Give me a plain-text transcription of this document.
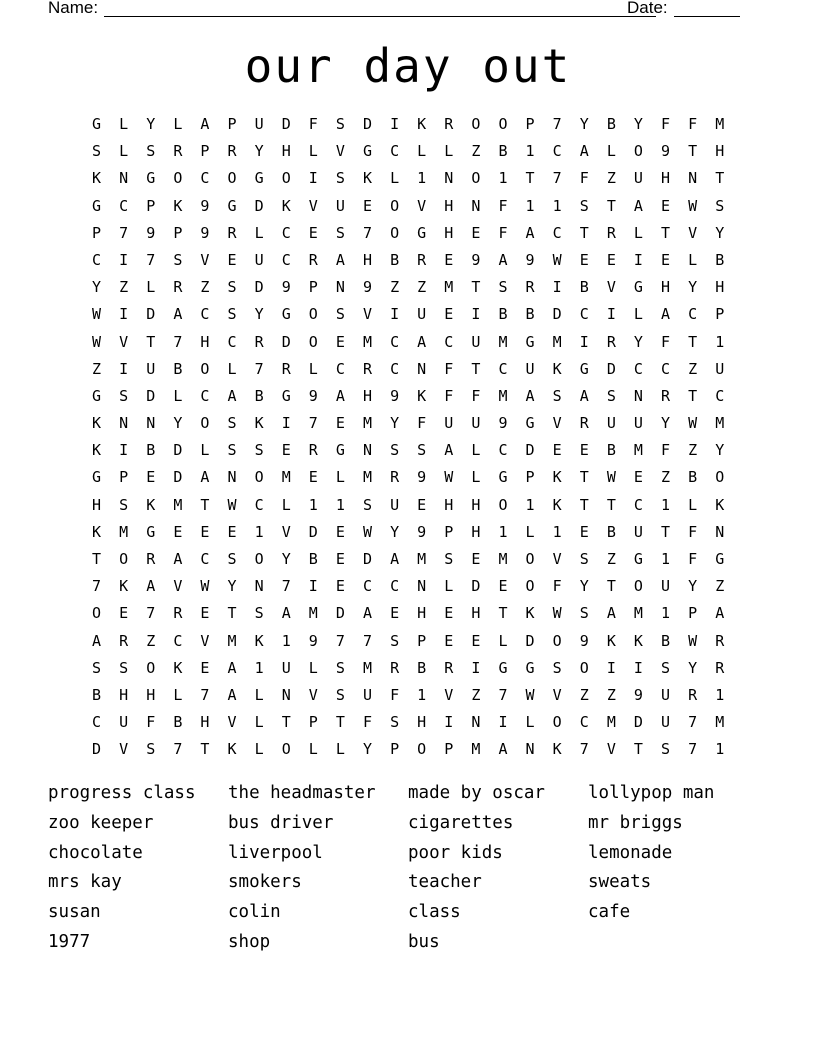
Name:	Date:
our day out
G	L	Y	L	A	P	U	D	F	S	D	I	K	R	O	O	P	7	Y	B	Y	F	F	M
S	L	S	R	P	R	Y	H	L	V	G	C	L	L	Z	B	1	C	A	L	O	9	T	H
K	N	G	O	C	O	G	O	I	S	K	L	1	N	O	1	T	7	F	Z	U	H	N	T
G	C	P	K	9	G	D	K	V	U	E	O	V	H	N	F	1	1	S	T	A	E	W	S
P	7	9	P	9	R	L	C	E	S	7	O	G	H	E	F	A	C	T	R	L	T	V	Y
C	I	7	S	V	E	U	C	R	A	H	B	R	E	9	A	9	W	E	E	I	E	L	B
Y	Z	L	R	Z	S	D	9	P	N	9	Z	Z	M	T	S	R	I	B	V	G	H	Y	H
W	I	D	A	C	S	Y	G	O	S	V	I	U	E	I	B	B	D	C	I	L	A	C	P
W	V	T	7	H	C	R	D	O	E	M	C	A	C	U	M	G	M	I	R	Y	F	T	1
Z	I	U	B	O	L	7	R	L	C	R	C	N	F	T	C	U	K	G	D	C	C	Z	U
G	S	D	L	C	A	B	G	9	A	H	9	K	F	F	M	A	S	A	S	N	R	T	C
K	N	N	Y	O	S	K	I	7	E	M	Y	F	U	U	9	G	V	R	U	U	Y	W	M
K	I	B	D	L	S	S	E	R	G	N	S	S	A	L	C	D	E	E	B	M	F	Z	Y
G	P	E	D	A	N	O	M	E	L	M	R	9	W	L	G	P	K	T	W	E	Z	B	O
H	S	K	M	T	W	C	L	1	1	S	U	E	H	H	O	1	K	T	T	C	1	L	K
K	M	G	E	E	E	1	V	D	E	W	Y	9	P	H	1	L	1	E	B	U	T	F	N
T	O	R	A	C	S	O	Y	B	E	D	A	M	S	E	M	O	V	S	Z	G	1	F	G
7	K	A	V	W	Y	N	7	I	E	C	C	N	L	D	E	O	F	Y	T	O	U	Y	Z
O	E	7	R	E	T	S	A	M	D	A	E	H	E	H	T	K	W	S	A	M	1	P	A
A	R	Z	C	V	M	K	1	9	7	7	S	P	E	E	L	D	O	9	K	K	B	W	R
S	S	O	K	E	A	1	U	L	S	M	R	B	R	I	G	G	S	O	I	I	S	Y	R
B	H	H	L	7	A	L	N	V	S	U	F	1	V	Z	7	W	V	Z	Z	9	U	R	1
C	U	F	B	H	V	L	T	P	T	F	S	H	I	N	I	L	O	C	M	D	U	7	M
D	V	S	7	T	K	L	O	L	L	Y	P	O	P	M	A	N	K	7	V	T	S	7	1
progress class	the headmaster	made by oscar	lollypop man
zoo keeper	bus driver	cigarettes	mr briggs
chocolate	liverpool	poor kids	lemonade
mrs kay	smokers	teacher	sweats
susan	colin	class	cafe
1977	shop	bus
